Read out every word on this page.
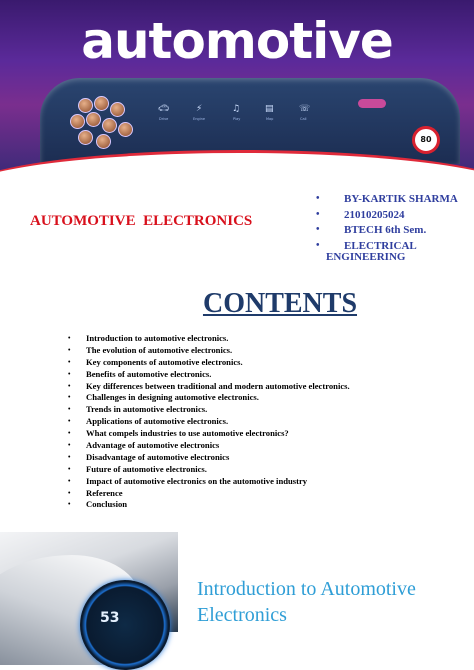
automotive
🚗︎
Drive
⚡︎
Engine
♫
Play
▤
Map
☏
Call
80
AUTOMOTIVE  ELECTRONICS
• BY-KARTIK SHARMA
• 21010205024
• BTECH 6th Sem.
• ELECTRICAL
ENGINEERING
CONTENTS
• Introduction to automotive electronics.
• The evolution of automotive electronics.
• Key components of automotive electronics.
• Benefits of automotive electronics.
• Key differences between traditional and modern automotive electronics.
• Challenges in designing automotive electronics.
• Trends in automotive electronics.
• Applications of automotive electronics.
• What compels industries to use automotive electronics?
• Advantage of automotive electronics
• Disadvantage of automotive electronics
• Future of automotive electronics.
• Impact of automotive electronics on the automotive industry
• Reference
• Conclusion
53
Introduction to Automotive
Electronics
